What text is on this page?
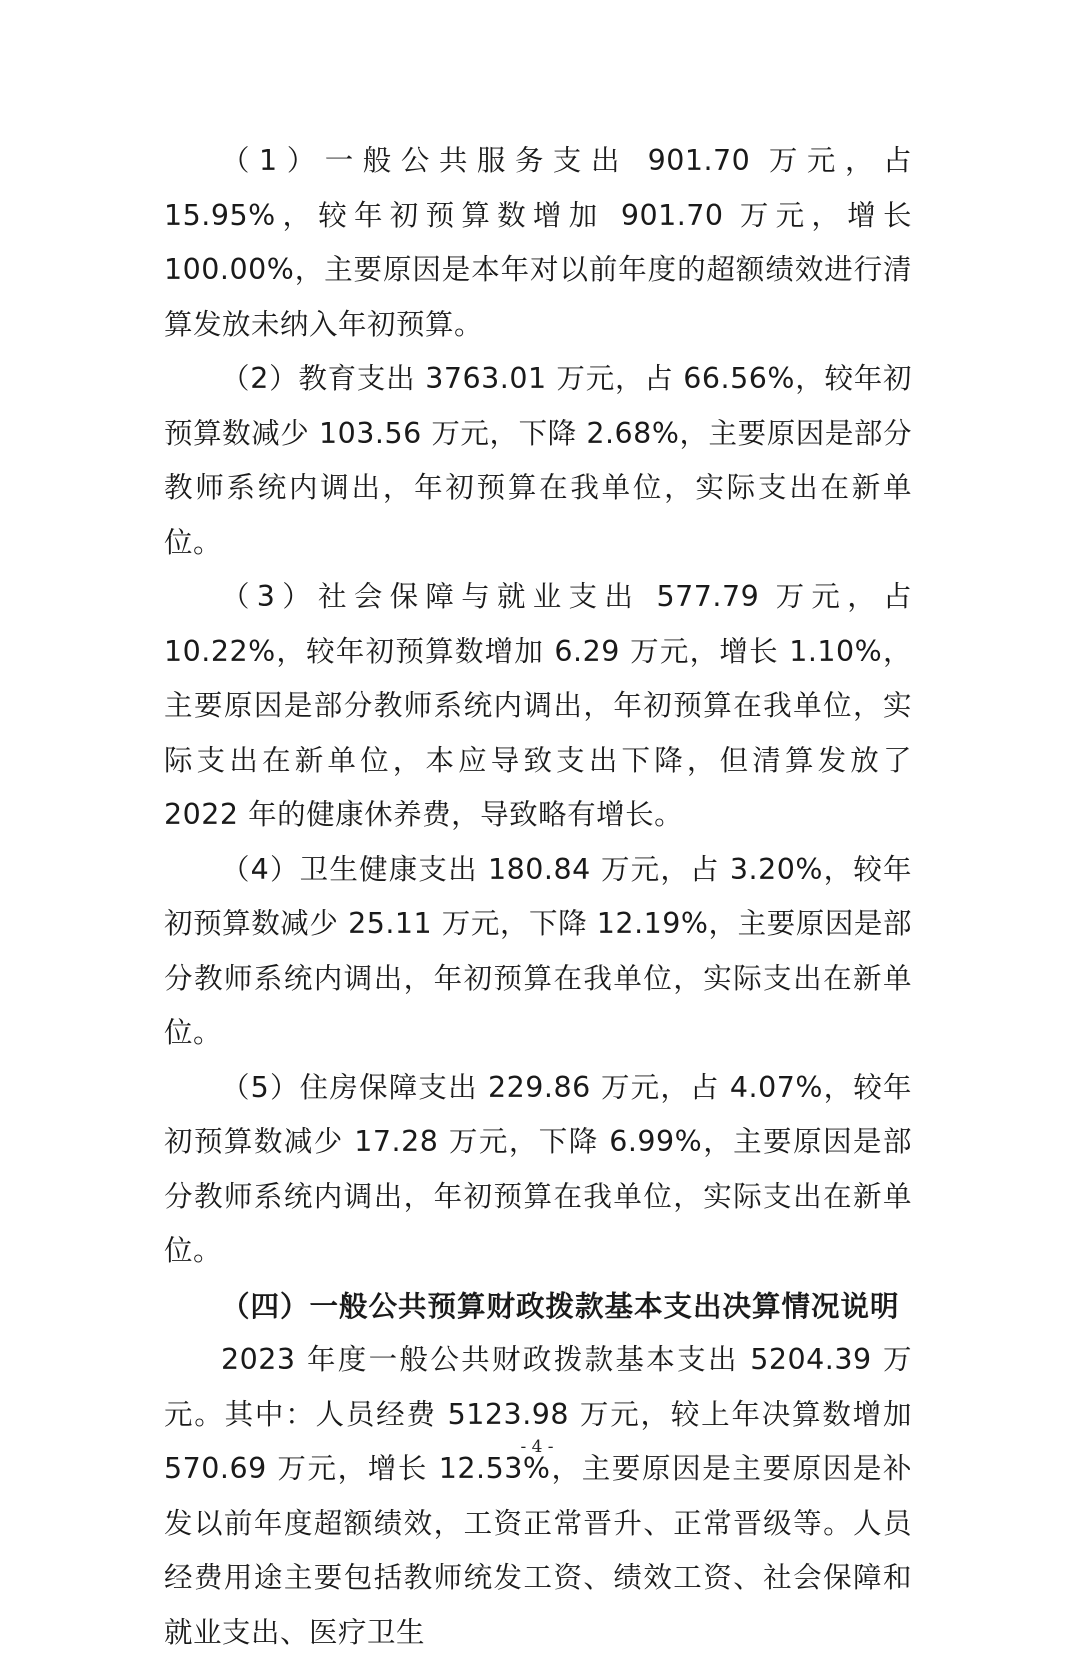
（1）一般公共服务支出 901.70 万元，占 15.95%，较年初预算数增加 901.70 万元，增长 100.00%，主要原因是本年对以前年度的超额绩效进行清算发放未纳入年初预算。

（2）教育支出 3763.01 万元，占 66.56%，较年初预算数减少 103.56 万元，下降 2.68%，主要原因是部分教师系统内调出，年初预算在我单位，实际支出在新单位。

（3）社会保障与就业支出 577.79 万元，占 10.22%，较年初预算数增加 6.29 万元，增长 1.10%，主要原因是部分教师系统内调出，年初预算在我单位，实际支出在新单位，本应导致支出下降，但清算发放了 2022 年的健康休养费，导致略有增长。

（4）卫生健康支出 180.84 万元，占 3.20%，较年初预算数减少 25.11 万元，下降 12.19%，主要原因是部分教师系统内调出，年初预算在我单位，实际支出在新单位。

（5）住房保障支出 229.86 万元，占 4.07%，较年初预算数减少 17.28 万元，下降 6.99%，主要原因是部分教师系统内调出，年初预算在我单位，实际支出在新单位。

（四）一般公共预算财政拨款基本支出决算情况说明

2023 年度一般公共财政拨款基本支出 5204.39 万元。其中：人员经费 5123.98 万元，较上年决算数增加 570.69 万元，增长 12.53%，主要原因是主要原因是补发以前年度超额绩效，工资正常晋升、正常晋级等。人员经费用途主要包括教师统发工资、绩效工资、社会保障和就业支出、医疗卫生

- 4 -
